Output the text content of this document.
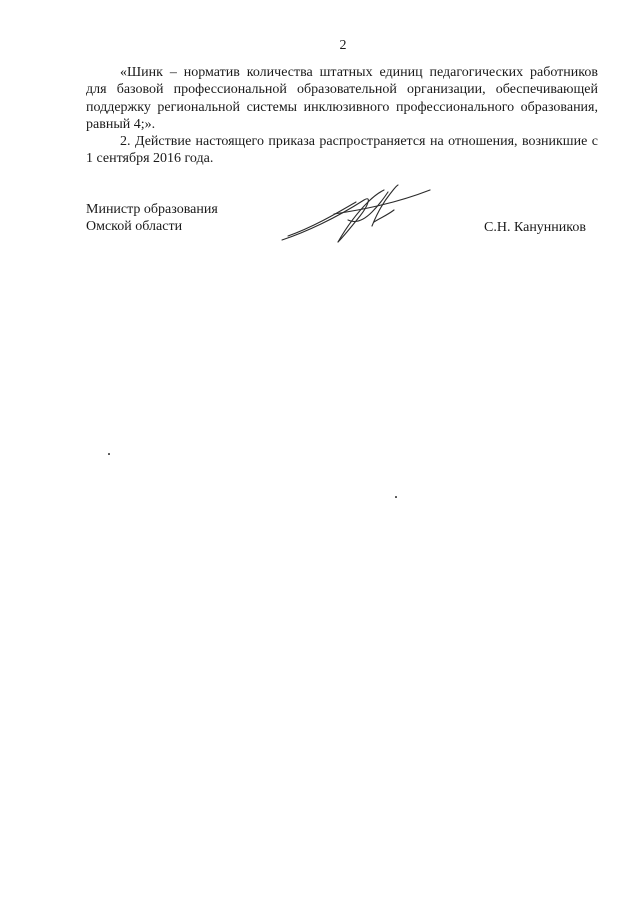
2

«Шинк – норматив количества штатных единиц педагогических работников для базовой профессиональной образовательной организации, обеспечивающей поддержку региональной системы инклюзивного профессионального образования, равный 4;».

2. Действие настоящего приказа распространяется на отношения, возникшие с 1 сентября 2016 года.

Министр образования
Омской области	С.Н. Канунников
